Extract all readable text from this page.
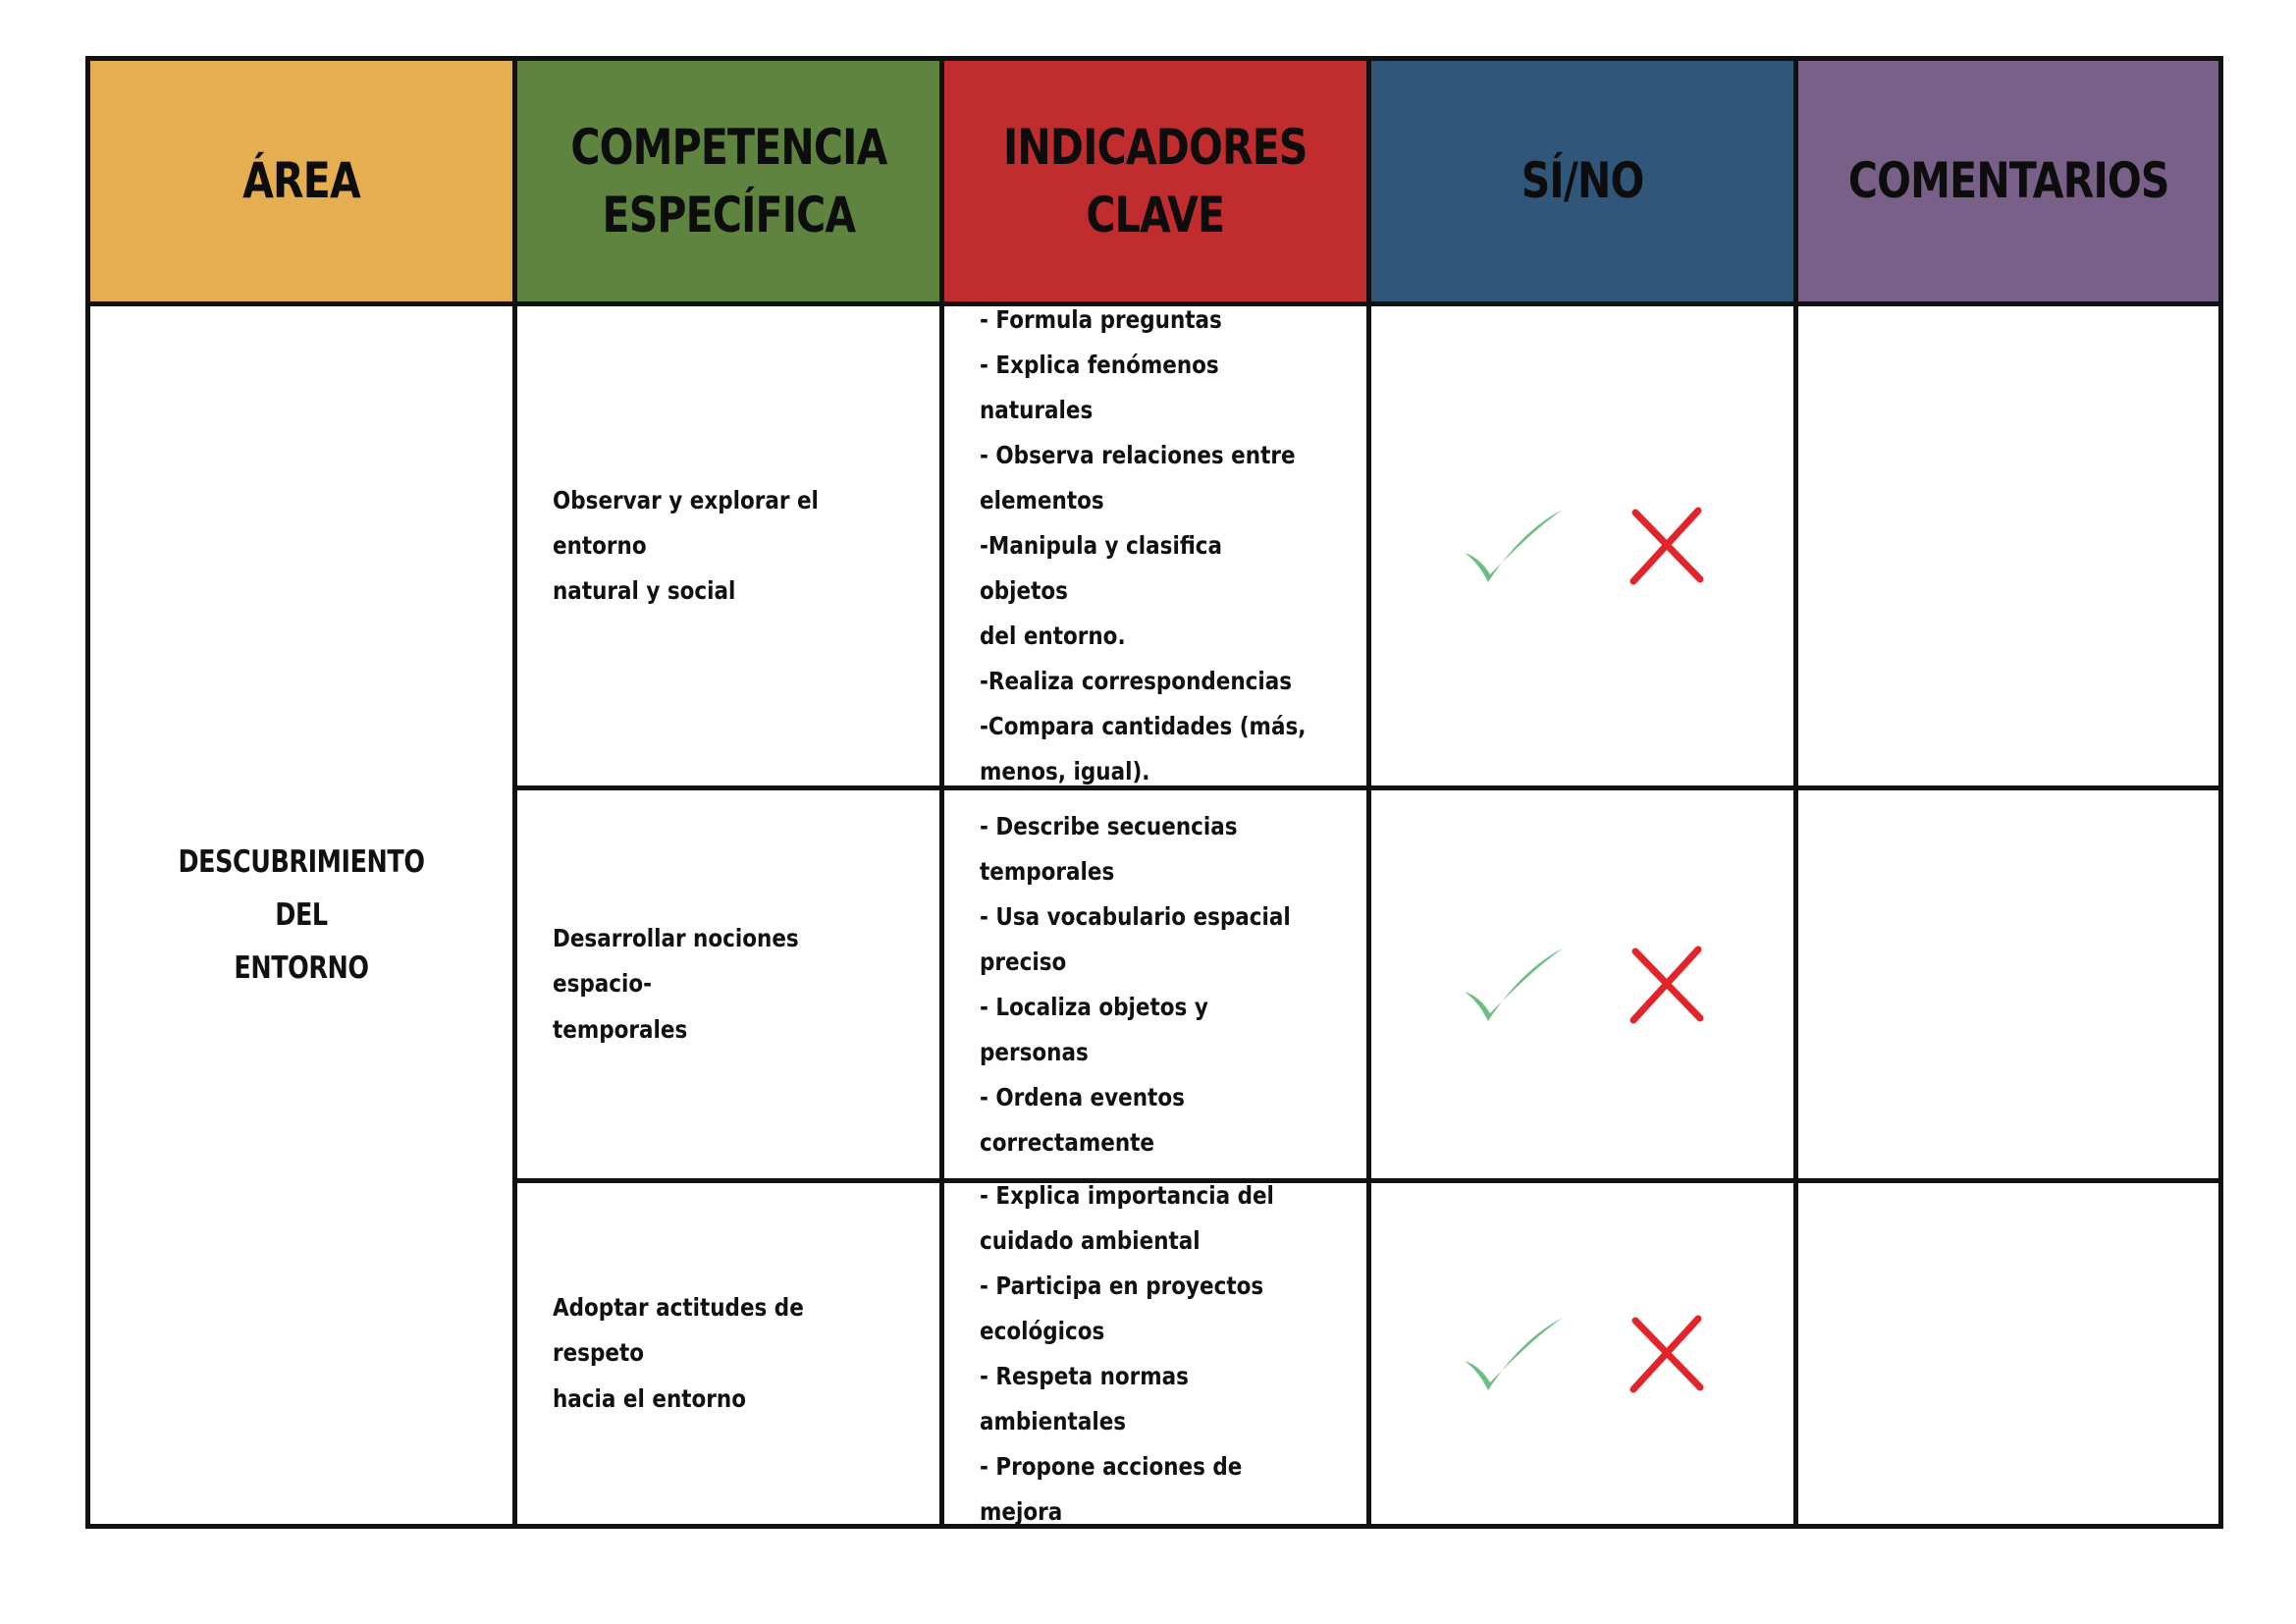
ÁREA
COMPETENCIA
ESPECÍFICA
INDICADORES
CLAVE
SÍ/NO	COMENTARIOS
DESCUBRIMIENTO DEL
ENTORNO
Observar y explorar el entorno
natural y social
- Formula preguntas
- Explica fenómenos naturales
- Observa relaciones entre
elementos
-Manipula y clasifica objetos
del entorno.
-Realiza correspondencias
-Compara cantidades (más,
menos, igual).
Desarrollar nociones espacio-
temporales
- Describe secuencias
temporales
- Usa vocabulario espacial
preciso
- Localiza objetos y personas
- Ordena eventos
correctamente
Adoptar actitudes de respeto
hacia el entorno
- Explica importancia del
cuidado ambiental
- Participa en proyectos
ecológicos
- Respeta normas ambientales
- Propone acciones de mejora
